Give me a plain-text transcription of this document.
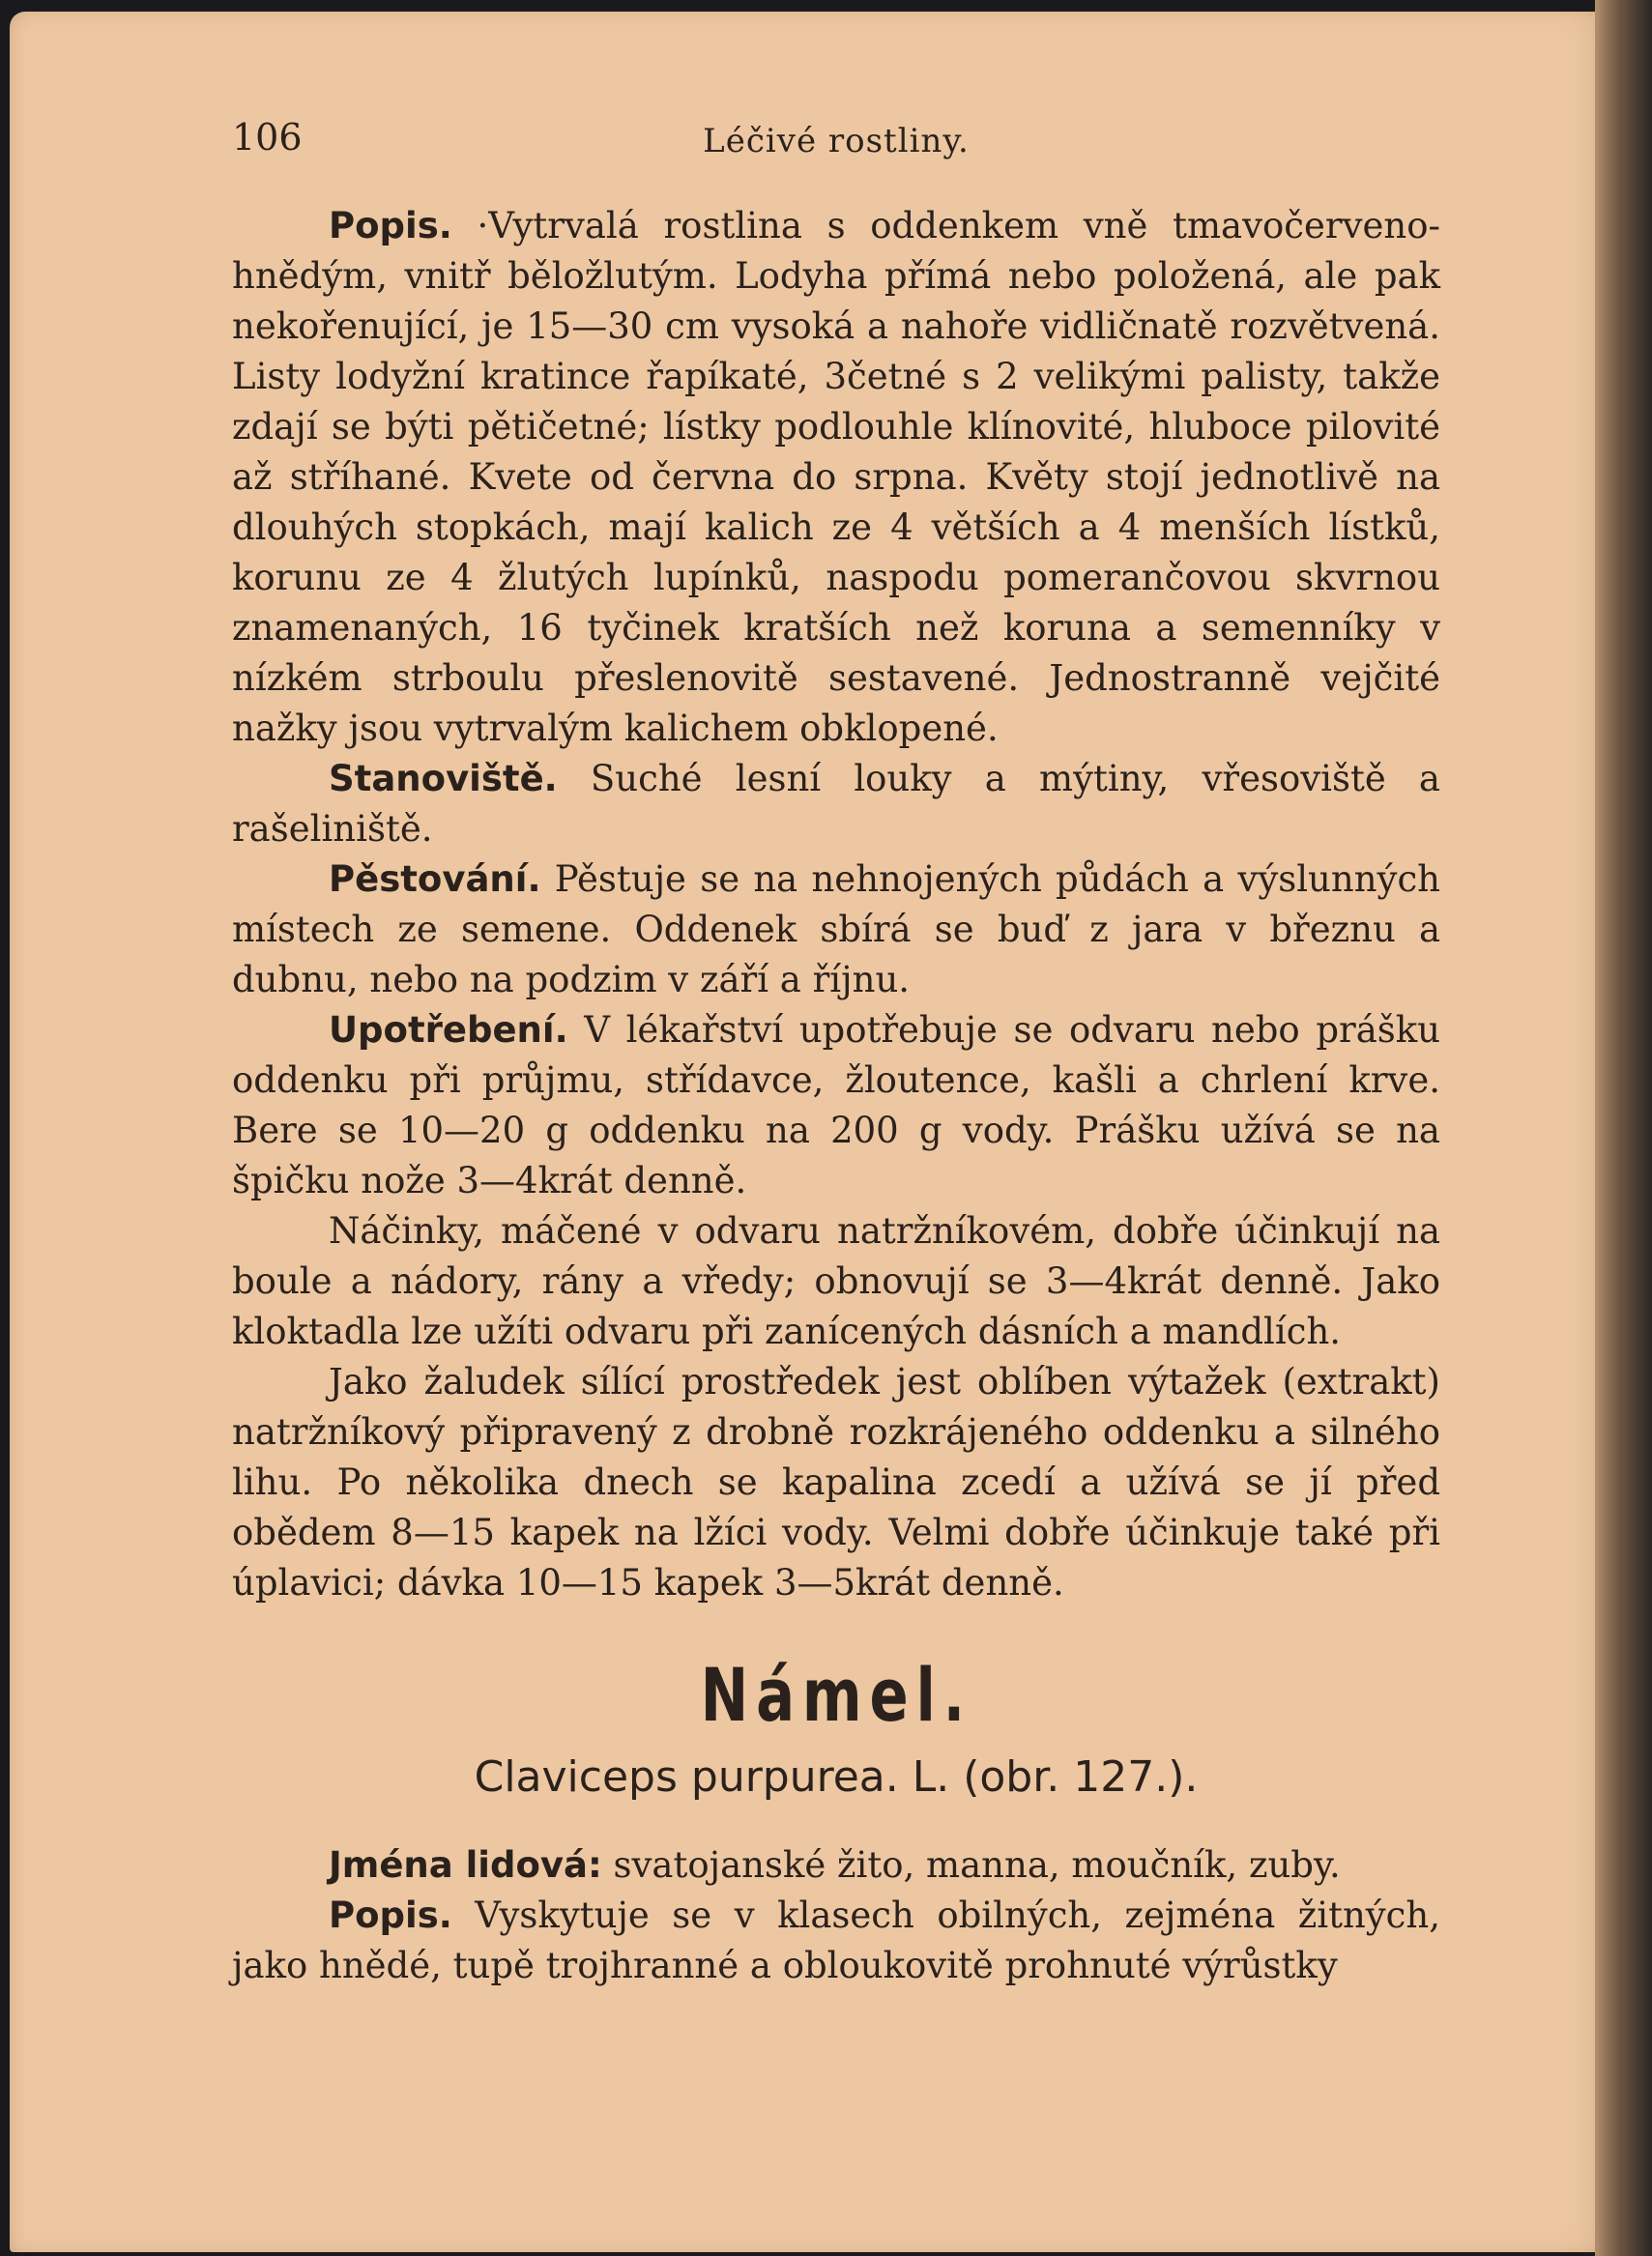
106	Léčivé rostliny.

Popis. ·Vytrvalá rostlina s oddenkem vně tmavočerveno-hnědým, vnitř běložlutým. Lodyha přímá nebo položená, ale pak nekořenující, je 15—30 cm vysoká a nahoře vidličnatě rozvětvená. Listy lodyžní kratince řapíkaté, 3četné s 2 velikými palisty, takže zdají se býti pětičetné; lístky podlouhle klínovité, hluboce pilovité až stříhané. Kvete od června do srpna. Květy stojí jednotlivě na dlouhých stopkách, mají kalich ze 4 větších a 4 menších lístků, korunu ze 4 žlutých lupínků, naspodu pomerančovou skvrnou znamenaných, 16 tyčinek kratších než koruna a semenníky v nízkém strboulu přeslenovitě sestavené. Jednostranně vejčité nažky jsou vytrvalým kalichem obklopené.

Stanoviště. Suché lesní louky a mýtiny, vřesoviště a rašeliniště.

Pěstování. Pěstuje se na nehnojených půdách a výslunných místech ze semene. Oddenek sbírá se buď z jara v březnu a dubnu, nebo na podzim v září a říjnu.

Upotřebení. V lékařství upotřebuje se odvaru nebo prášku oddenku při průjmu, střídavce, žloutence, kašli a chrlení krve. Bere se 10—20 g oddenku na 200 g vody. Prášku užívá se na špičku nože 3—4krát denně.

Náčinky, máčené v odvaru natržníkovém, dobře účinkují na boule a nádory, rány a vředy; obnovují se 3—4krát denně. Jako kloktadla lze užíti odvaru při zanícených dásních a mandlích.

Jako žaludek sílící prostředek jest oblíben výtažek (extrakt) natržníkový připravený z drobně rozkrájeného oddenku a silného lihu. Po několika dnech se kapalina zcedí a užívá se jí před obědem 8—15 kapek na lžíci vody. Velmi dobře účinkuje také při úplavici; dávka 10—15 kapek 3—5krát denně.

Námel.
Claviceps purpurea. L. (obr. 127.).

Jména lidová: svatojanské žito, manna, moučník, zuby.

Popis. Vyskytuje se v klasech obilných, zejména žitných, jako hnědé, tupě trojhranné a obloukovitě prohnuté výrůstky
